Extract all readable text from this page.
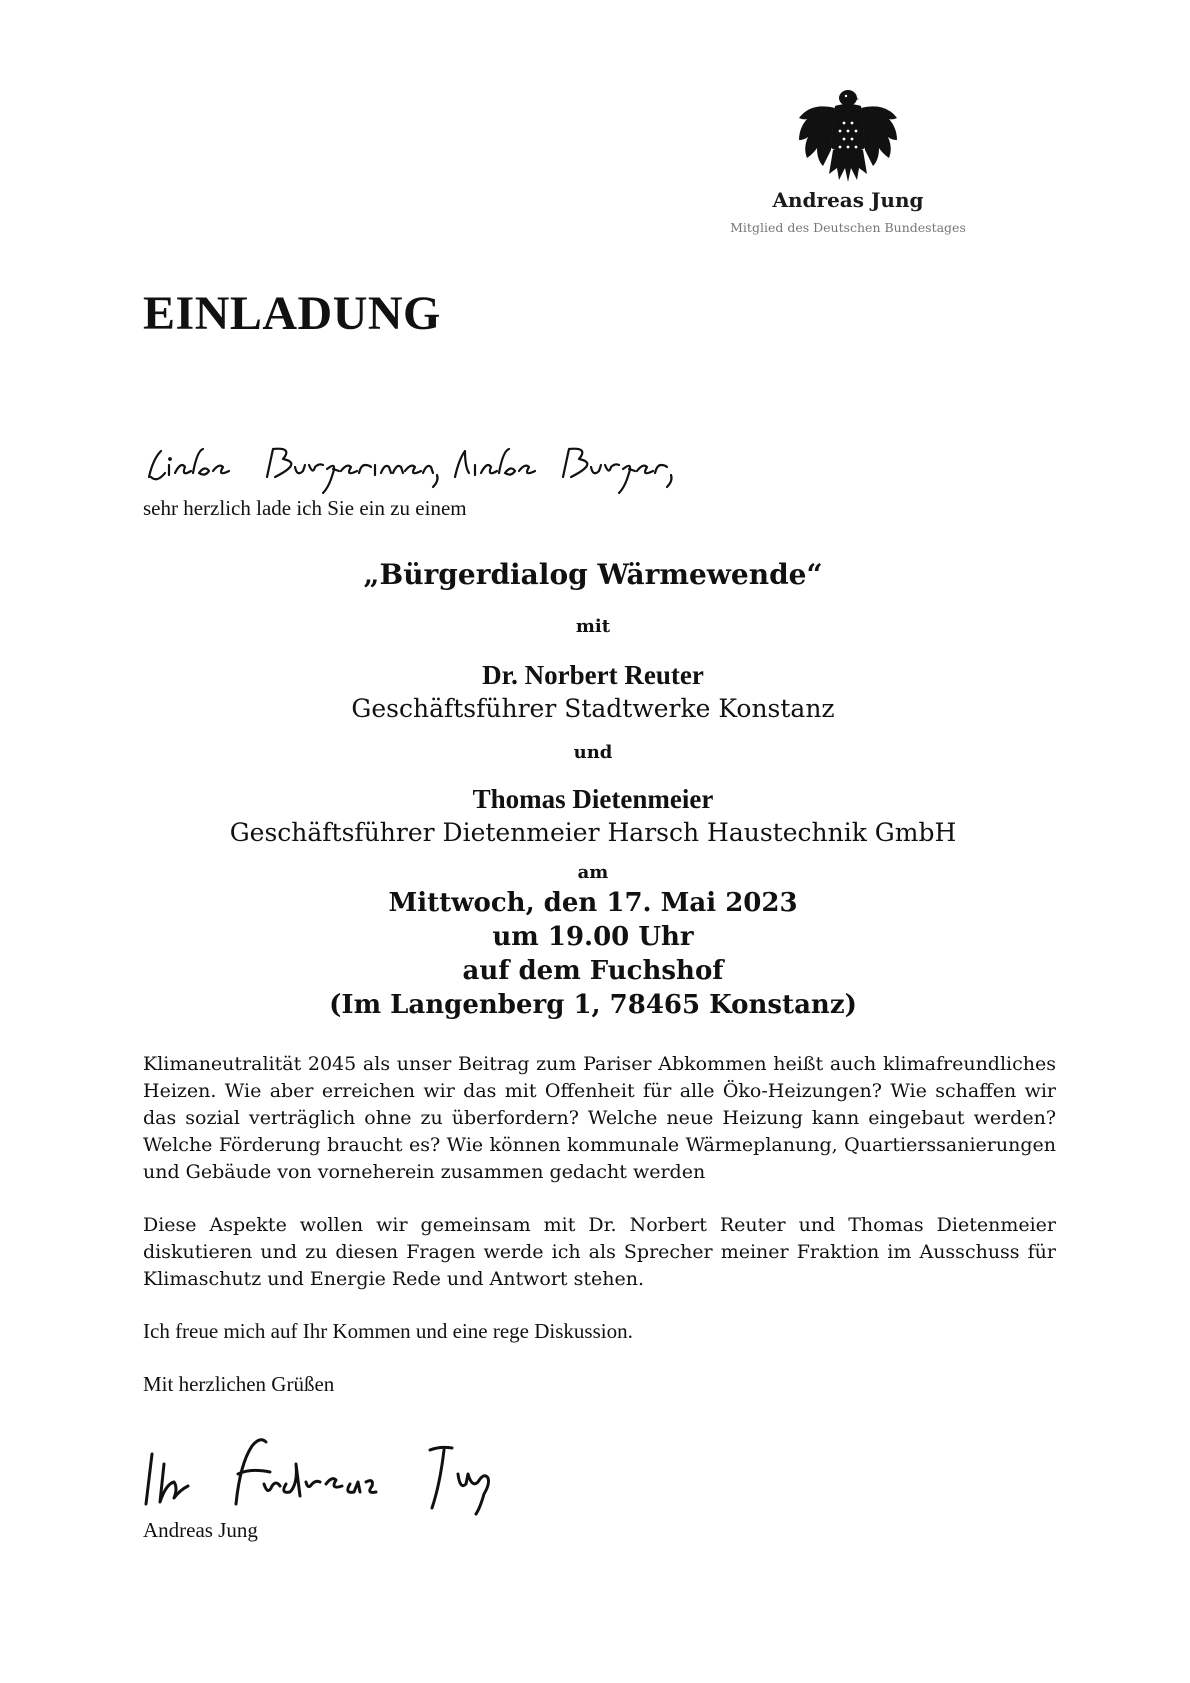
Andreas Jung
Mitglied des Deutschen Bundestages
EINLADUNG
sehr herzlich lade ich Sie ein zu einem
„Bürgerdialog Wärmewende“
mit
Dr. Norbert Reuter
Geschäftsführer Stadtwerke Konstanz
und
Thomas Dietenmeier
Geschäftsführer Dietenmeier Harsch Haustechnik GmbH
am
Mittwoch, den 17. Mai 2023
um 19.00 Uhr
auf dem Fuchshof
(Im Langenberg 1, 78465 Konstanz)
Klimaneutralität 2045 als unser Beitrag zum Pariser Abkommen heißt auch klimafreundliches Heizen. Wie aber erreichen wir das mit Offenheit für alle Öko-Heizungen? Wie schaffen wir das sozial verträglich ohne zu überfordern? Welche neue Heizung kann eingebaut werden? Welche Förderung braucht es? Wie können kommunale Wärmeplanung, Quartierssanierungen und Gebäude von vorneherein zusammen gedacht werden
Diese Aspekte wollen wir gemeinsam mit Dr. Norbert Reuter und Thomas Dietenmeier diskutieren und zu diesen Fragen werde ich als Sprecher meiner Fraktion im Ausschuss für Klimaschutz und Energie Rede und Antwort stehen.
Ich freue mich auf Ihr Kommen und eine rege Diskussion.
Mit herzlichen Grüßen
Andreas Jung
